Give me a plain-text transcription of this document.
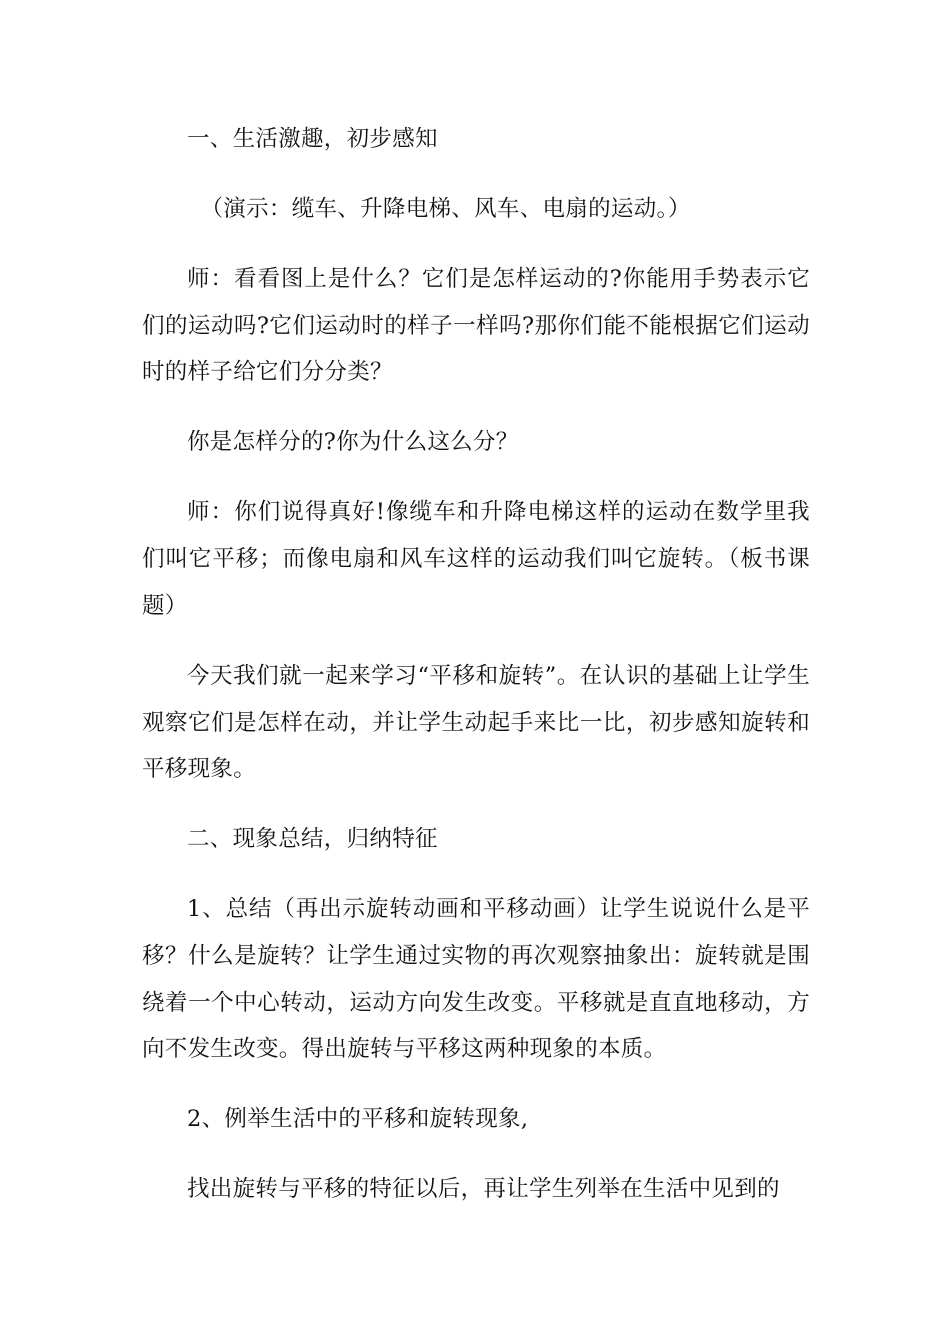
一、生活激趣，初步感知

（演示：缆车、升降电梯、风车、电扇的运动。）

师：看看图上是什么？它们是怎样运动的?你能用手势表示它们的运动吗?它们运动时的样子一样吗?那你们能不能根据它们运动时的样子给它们分分类？

你是怎样分的?你为什么这么分？

师：你们说得真好!像缆车和升降电梯这样的运动在数学里我们叫它平移；而像电扇和风车这样的运动我们叫它旋转。（板书课题）

今天我们就一起来学习“平移和旋转”。在认识的基础上让学生观察它们是怎样在动，并让学生动起手来比一比，初步感知旋转和平移现象。

二、现象总结，归纳特征

1、总结（再出示旋转动画和平移动画）让学生说说什么是平移？什么是旋转？让学生通过实物的再次观察抽象出：旋转就是围绕着一个中心转动，运动方向发生改变。平移就是直直地移动，方向不发生改变。得出旋转与平移这两种现象的本质。

2、例举生活中的平移和旋转现象,

找出旋转与平移的特征以后，再让学生列举在生活中见到的
